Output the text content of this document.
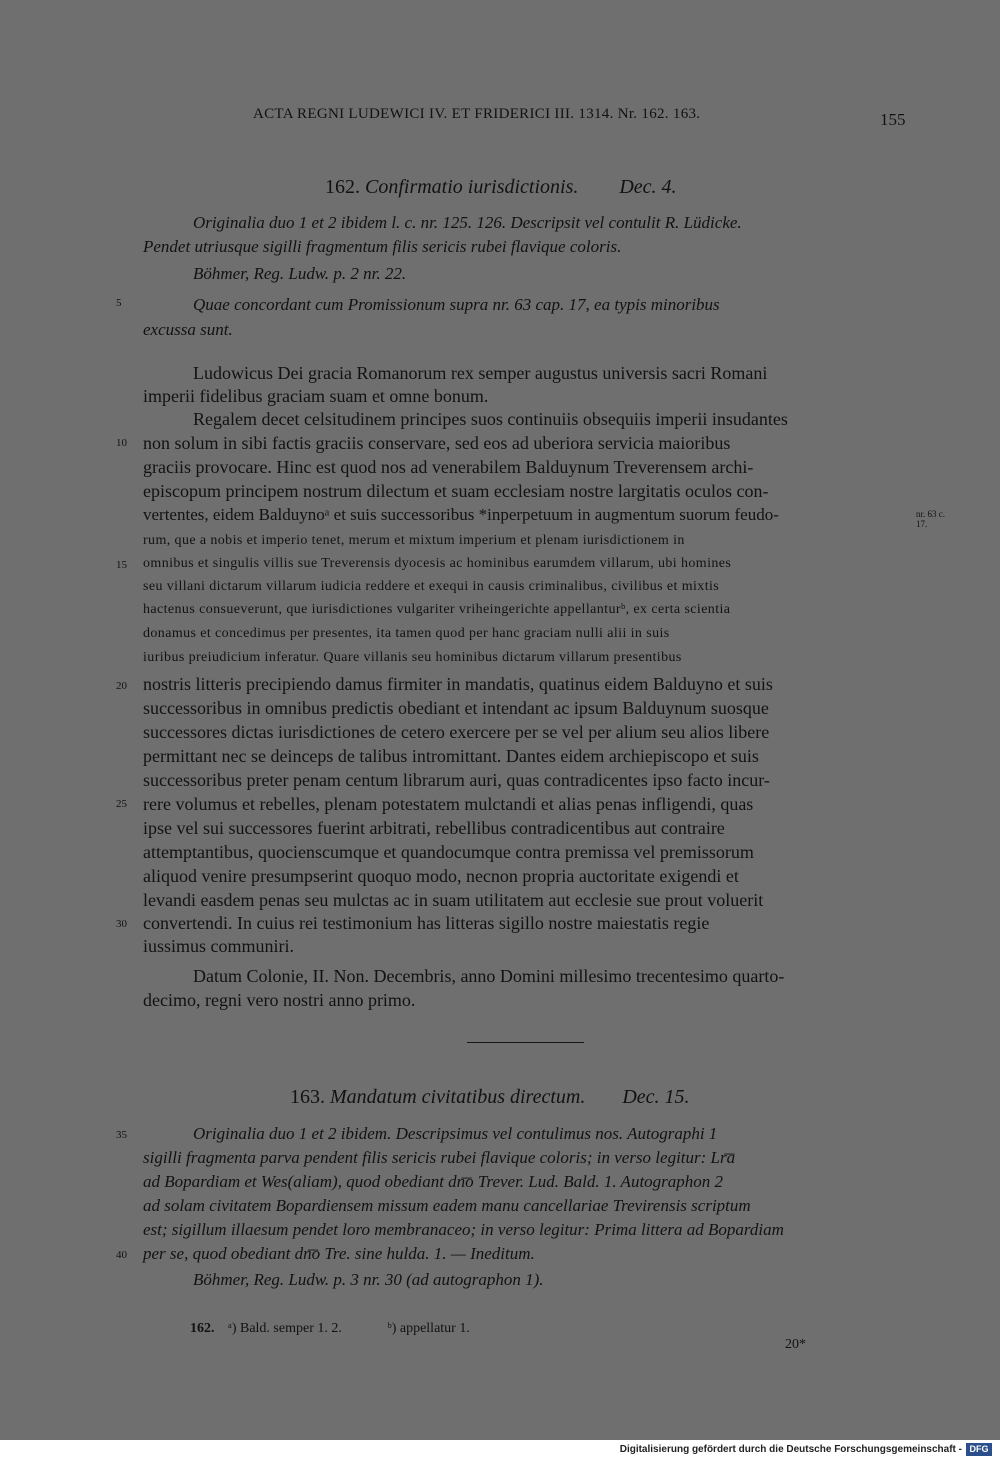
ACTA REGNI LUDEWICI IV. ET FRIDERICI III. 1314. Nr. 162. 163.	155
162. Confirmatio iurisdictionis. Dec. 4.
Originalia duo 1 et 2 ibidem l. c. nr. 125. 126. Descripsit vel contulit R. Lüdicke.
Pendet utriusque sigilli fragmentum filis sericis rubei flavique coloris.
Böhmer, Reg. Ludw. p. 2 nr. 22.
5	Quae concordant cum Promissionum supra nr. 63 cap. 17, ea typis minoribus
excussa sunt.
Ludowicus Dei gracia Romanorum rex semper augustus universis sacri Romani
imperii fidelibus graciam suam et omne bonum.
Regalem decet celsitudinem principes suos continuiis obsequiis imperii insudantes
10 non solum in sibi factis graciis conservare, sed eos ad uberiora servicia maioribus
graciis provocare. Hinc est quod nos ad venerabilem Balduynum Treverensem archi-
episcopum principem nostrum dilectum et suam ecclesiam nostre largitatis oculos con-
vertentes, eidem Balduynoᵃ et suis successoribus *inperpetuum in augmentum suorum feudo-	nr. 63 c. 17.
rum, que a nobis et imperio tenet, merum et mixtum imperium et plenam iurisdictionem in
15 omnibus et singulis villis sue Treverensis dyocesis ac hominibus earumdem villarum, ubi homines
seu villani dictarum villarum iudicia reddere et exequi in causis criminalibus, civilibus et mixtis
hactenus consueverunt, que iurisdictiones vulgariter vriheingerichte appellanturᵇ, ex certa scientia
donamus et concedimus per presentes, ita tamen quod per hanc graciam nulli alii in suis
iuribus preiudicium inferatur. Quare villanis seu hominibus dictarum villarum presentibus
20 nostris litteris precipiendo damus firmiter in mandatis, quatinus eidem Balduyno et suis
successoribus in omnibus predictis obediant et intendant ac ipsum Balduynum suosque
successores dictas iurisdictiones de cetero exercere per se vel per alium seu alios libere
permittant nec se deinceps de talibus intromittant. Dantes eidem archiepiscopo et suis
successoribus preter penam centum librarum auri, quas contradicentes ipso facto incur-
25 rere volumus et rebelles, plenam potestatem mulctandi et alias penas infligendi, quas
ipse vel sui successores fuerint arbitrati, rebellibus contradicentibus aut contraire
attemptantibus, quocienscumque et quandocumque contra premissa vel premissorum
aliquod venire presumpserint quoquo modo, necnon propria auctoritate exigendi et
levandi easdem penas seu mulctas ac in suam utilitatem aut ecclesie sue prout voluerit
30 convertendi. In cuius rei testimonium has litteras sigillo nostre maiestatis regie
iussimus communiri.
Datum Colonie, II. Non. Decembris, anno Domini millesimo trecentesimo quarto-
decimo, regni vero nostri anno primo.
163. Mandatum civitatibus directum. Dec. 15.
35	Originalia duo 1 et 2 ibidem. Descripsimus vel contulimus nos. Autographi 1
sigilli fragmenta parva pendent filis sericis rubei flavique coloris; in verso legitur: Lr͞a
ad Bopardiam et Wes(aliam), quod obediant dn͞o Trever. Lud. Bald. 1. Autographon 2
ad solam civitatem Bopardiensem missum eadem manu cancellariae Trevirensis scriptum
est; sigillum illaesum pendet loro membranaceo; in verso legitur: Prima littera ad Bopardiam
40 per se, quod obediant dn͞o Tre. sine hulda. 1. — Ineditum.
Böhmer, Reg. Ludw. p. 3 nr. 30 (ad autographon 1).
162. ᵃ) Bald. semper 1. 2.	ᵇ) appellatur 1.
20*
Digitalisierung gefördert durch die Deutsche Forschungsgemeinschaft - DFG
